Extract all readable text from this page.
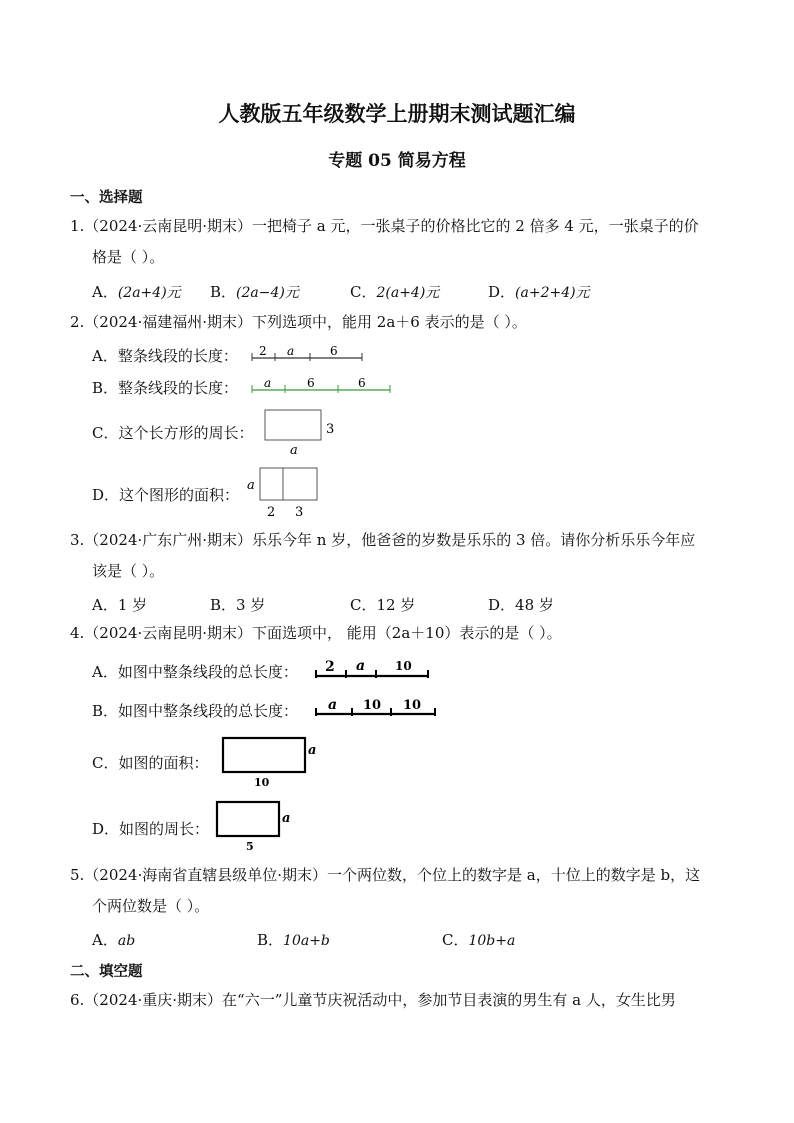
人教版五年级数学上册期末测试题汇编
专题 05 简易方程
一、选择题
1.（2024·云南昆明·期末）一把椅子 a 元，一张桌子的价格比它的 2 倍多 4 元，一张桌子的价
格是（ ）。
A．(2a+4)元 B．(2a−4)元	C．2(a+4)元	D．(a+2+4)元
2.（2024·福建福州·期末）下列选项中，能用 2a＋6 表示的是（ ）。
A．整条线段的长度： 2 a	6
B．整条线段的长度： a	6	6
C．这个长方形的周长：	3
a
D．这个图形的面积：
a
2 3
3.（2024·广东广州·期末）乐乐今年 n 岁，他爸爸的岁数是乐乐的 3 倍。请你分析乐乐今年应
该是（ ）。
A．1 岁	B．3 岁	C．12 岁	D．48 岁
4.（2024·云南昆明·期末）下面选项中， 能用（2a＋10）表示的是（ ）。
A．如图中整条线段的总长度： 2 a 10
B．如图中整条线段的总长度： a 10 10
C．如图的面积：
a
10
D．如图的周长：
a
5
5.（2024·海南省直辖县级单位·期末）一个两位数，个位上的数字是 a，十位上的数字是 b，这
个两位数是（ ）。
A．ab	B．10a+b	C．10b+a
二、填空题
6.（2024·重庆·期末）在“六一”儿童节庆祝活动中，参加节目表演的男生有 a 人，女生比男
